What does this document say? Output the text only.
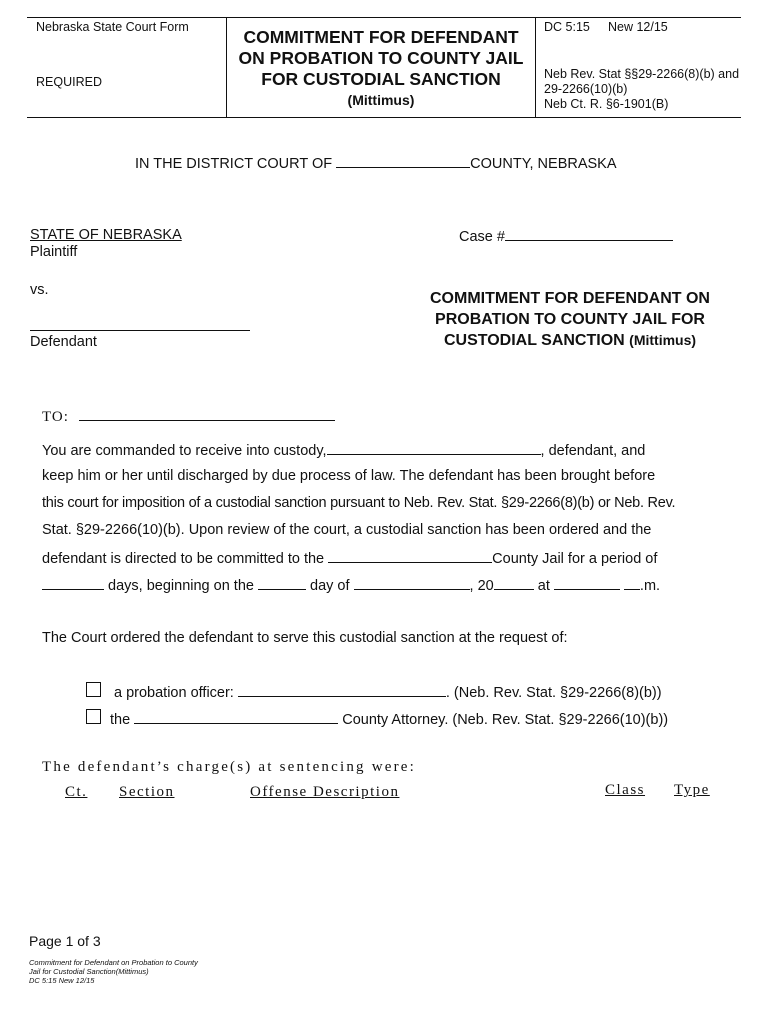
Nebraska State Court Form
REQUIRED
COMMITMENT FOR DEFENDANT
ON PROBATION TO COUNTY JAIL
FOR CUSTODIAL SANCTION
(Mittimus)
DC 5:15 New 12/15
Neb Rev. Stat §§29-2266(8)(b) and
29-2266(10)(b)
Neb Ct. R. §6-1901(B)
IN THE DISTRICT COURT OF	COUNTY, NEBRASKA
STATE OF NEBRASKA
Plaintiff
vs.
Defendant
Case #
COMMITMENT FOR DEFENDANT ON
PROBATION TO COUNTY JAIL FOR
CUSTODIAL SANCTION (Mittimus)
TO:
You are commanded to receive into custody,	, defendant, and
keep him or her until discharged by due process of law. The defendant has been brought before
this court for imposition of a custodial sanction pursuant to Neb. Rev. Stat. §29-2266(8)(b) or Neb. Rev.
Stat. §29-2266(10)(b). Upon review of the court, a custodial sanction has been ordered and the
defendant is directed to be committed to the	County Jail for a period of
days, beginning on the	day of	, 20	at	.m.
The Court ordered the defendant to serve this custodial sanction at the request of:
a probation officer:	. (Neb. Rev. Stat. §29-2266(8)(b))
the	County Attorney. (Neb. Rev. Stat. §29-2266(10)(b))
The defendant’s charge(s) at sentencing were:
Ct. Section	Offense Description	Class Type
Page 1 of 3
Commitment for Defendant on Probation to County
Jail for Custodial Sanction(Mittimus)
DC 5:15 New 12/15
